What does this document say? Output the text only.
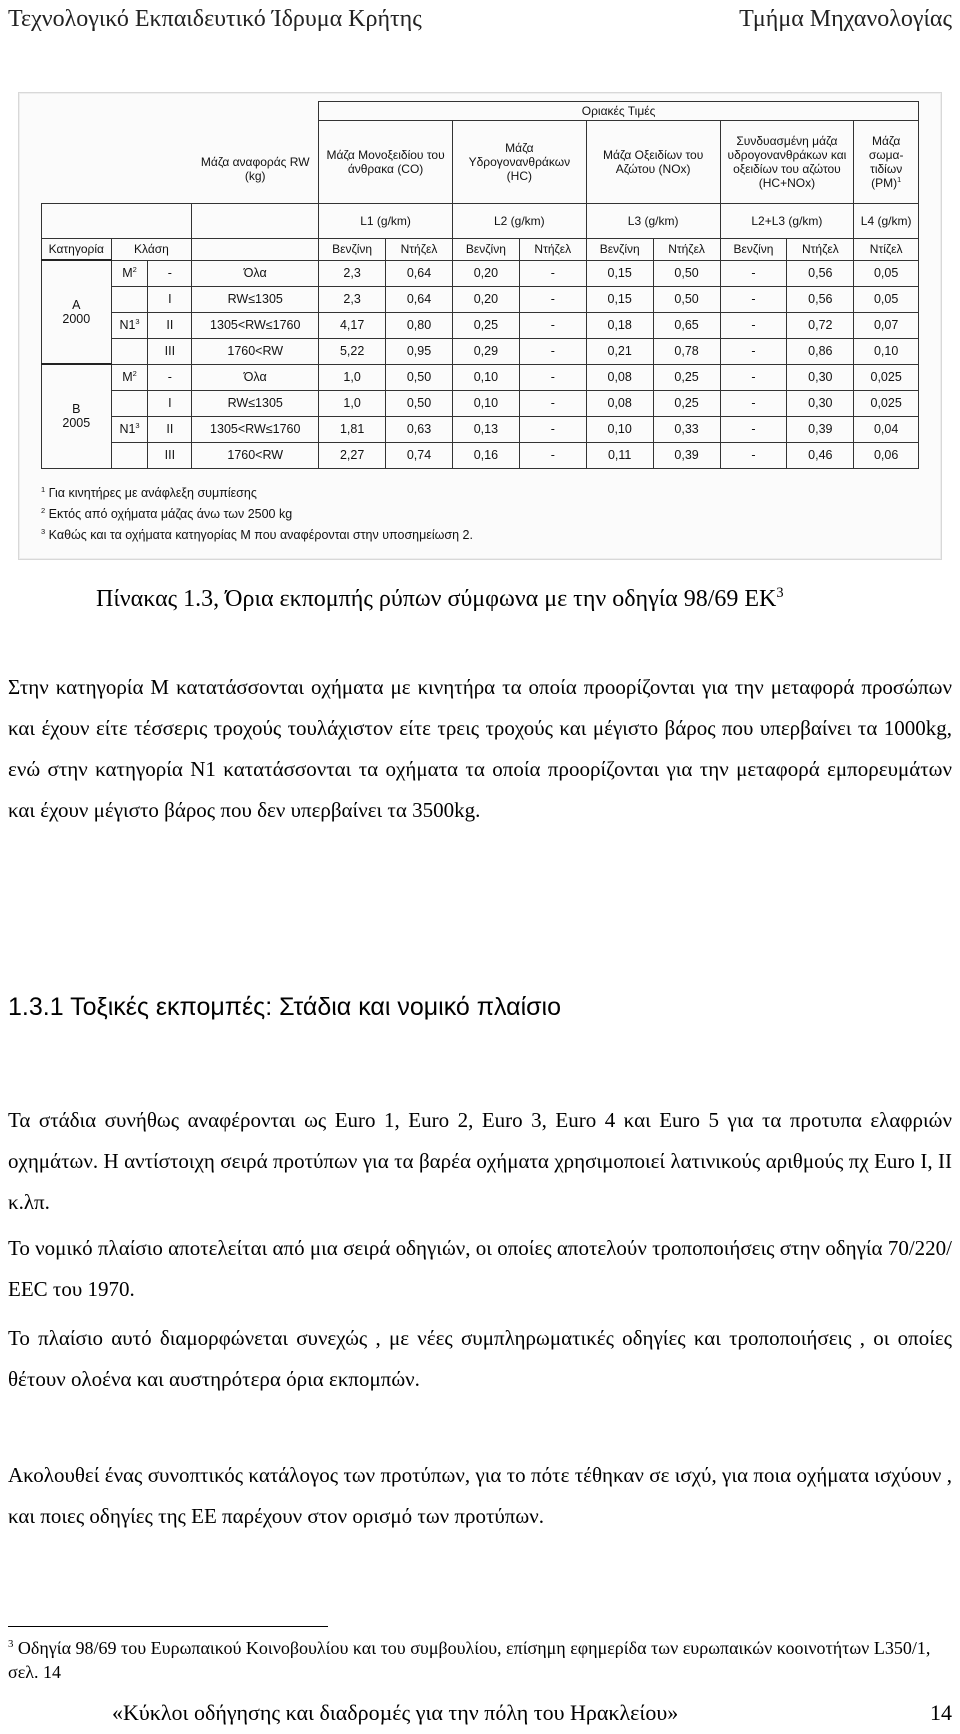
Τεχνολογικό Εκπαιδευτικό Ίδρυμα Κρήτης	Τμήμα Μηχανολογίας
				Οριακές Τιμές								
				Μάζα Μονοξειδίου του άνθρακα (CO)		Μάζα Υδρογονανθράκων (HC)		Μάζα Οξειδίων του Αζώτου (NOx)		Συνδυασμένη μάζα υδρογονανθράκων και οξειδίων του αζώτου (HC+NOx)		Μάζα σωμα-
τιδίων
(PM)$^1$
			Μάζα αναφοράς RW (kg)	L1 (g/km)		L2 (g/km)		L3 (g/km)		L2+L3 (g/km)		L4 (g/km)
Κατηγορία	Κλάση			Βενζίνη	Ντήζελ	Βενζίνη	Ντήζελ	Βενζίνη	Ντήζελ	Βενζίνη	Ντήζελ	Ντίζελ
A
2000	$M^2$	-	Όλα	2,3	0,64	0,20	-	0,15	0,50	-	0,56	0,05
		I	RW≤1305	2,3	0,64	0,20	-	0,15	0,50	-	0,56	0,05
	$N1^3$	II	1305<RW≤1760	4,17	0,80	0,25	-	0,18	0,65	-	0,72	0,07
		III	1760<RW	5,22	0,95	0,29	-	0,21	0,78	-	0,86	0,10
B
2005	$M^2$	-	Όλα	1,0	0,50	0,10	-	0,08	0,25	-	0,30	0,025
		I	RW≤1305	1,0	0,50	0,10	-	0,08	0,25	-	0,30	0,025
	$N1^3$	II	1305<RW≤1760	1,81	0,63	0,13	-	0,10	0,33	-	0,39	0,04
		III	1760<RW	2,27	0,74	0,16	-	0,11	0,39	-	0,46	0,06
$^1$ Για κινητήρες με ανάφλεξη συμπίεσης
$^2$ Εκτός από οχήματα μάζας άνω των 2500 kg
$^3$ Καθώς και τα οχήματα κατηγορίας Μ που αναφέρονται στην υποσημείωση 2.
Πίνακας 1.3, Όρια εκπομπής ρύπων σύμφωνα με την οδηγία 98/69 $EK^3$
Στην κατηγορία Μ κατατάσσονται οχήματα με κινητήρα τα οποία προορίζονται για την μεταφορά προσώπων και έχουν είτε τέσσερις τροχούς τουλάχιστον είτε τρεις τροχούς και μέγιστο βάρος που υπερβαίνει τα 1000kg, ενώ στην κατηγορία Ν1 κατατάσσονται τα οχήματα τα οποία προορίζονται για την μεταφορά εμπορευμάτων και έχουν μέγιστο βάρος που δεν υπερβαίνει τα 3500kg.
1.3.1 Τοξικές εκπομπές: Στάδια και νομικό πλαίσιο
Τα στάδια συνήθως αναφέρονται ως Euro 1, Euro 2, Euro 3, Euro 4 και Euro 5 για τα προτυπα ελαφριών οχημάτων. Η αντίστοιχη σειρά προτύπων για τα βαρέα οχήματα χρησιμοποιεί λατινικούς αριθμούς πχ Euro I, II κ.λπ.
Το νομικό πλαίσιο αποτελείται από μια σειρά οδηγιών, οι οποίες αποτελούν τροποποιήσεις στην οδηγία 70/220/ΕΕC του 1970.
Το πλαίσιο αυτό διαμορφώνεται συνεχώς , με νέες συμπληρωματικές οδηγίες και τροποποιήσεις , οι οποίες θέτουν ολοένα και αυστηρότερα όρια εκπομπών.
Ακολουθεί ένας συνοπτικός κατάλογος των προτύπων, για το πότε τέθηκαν σε ισχύ, για ποια οχήματα ισχύουν , και ποιες οδηγίες της ΕΕ παρέχουν στον ορισμό των προτύπων.
$^3$ Οδηγία 98/69 του Ευρωπαικού Κοινοβουλίου και του συμβουλίου, επίσημη εφημερίδα των ευρωπαικών κοοινοτήτων L350/1, σελ. 14
«Κύκλοι οδήγησης και διαδροµές για την πόλη του Ηρακλείου»	14
